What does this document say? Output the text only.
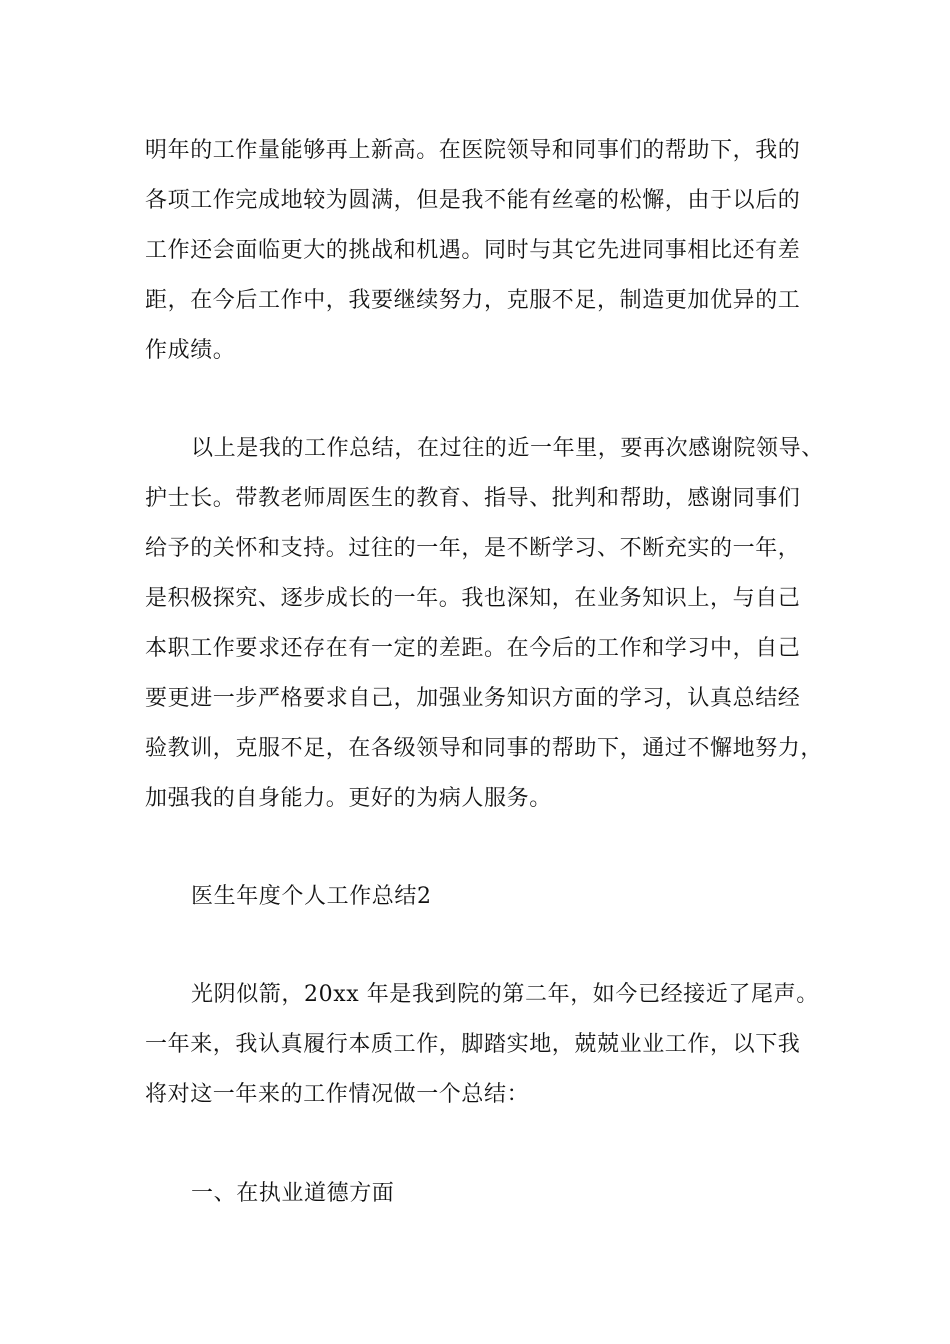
明年的工作量能够再上新高。在医院领导和同事们的帮助下，我的
各项工作完成地较为圆满，但是我不能有丝毫的松懈，由于以后的
工作还会面临更大的挑战和机遇。同时与其它先进同事相比还有差
距，在今后工作中，我要继续努力，克服不足，制造更加优异的工
作成绩。
以上是我的工作总结，在过往的近一年里，要再次感谢院领导、
护士长。带教老师周医生的教育、指导、批判和帮助，感谢同事们
给予的关怀和支持。过往的一年，是不断学习、不断充实的一年，
是积极探究、逐步成长的一年。我也深知，在业务知识上，与自己
本职工作要求还存在有一定的差距。在今后的工作和学习中，自己
要更进一步严格要求自己，加强业务知识方面的学习，认真总结经
验教训，克服不足，在各级领导和同事的帮助下，通过不懈地努力，
加强我的自身能力。更好的为病人服务。
医生年度个人工作总结2
光阴似箭，20xx 年是我到院的第二年，如今已经接近了尾声。
一年来，我认真履行本质工作，脚踏实地，兢兢业业工作，以下我
将对这一年来的工作情况做一个总结：
一、在执业道德方面
